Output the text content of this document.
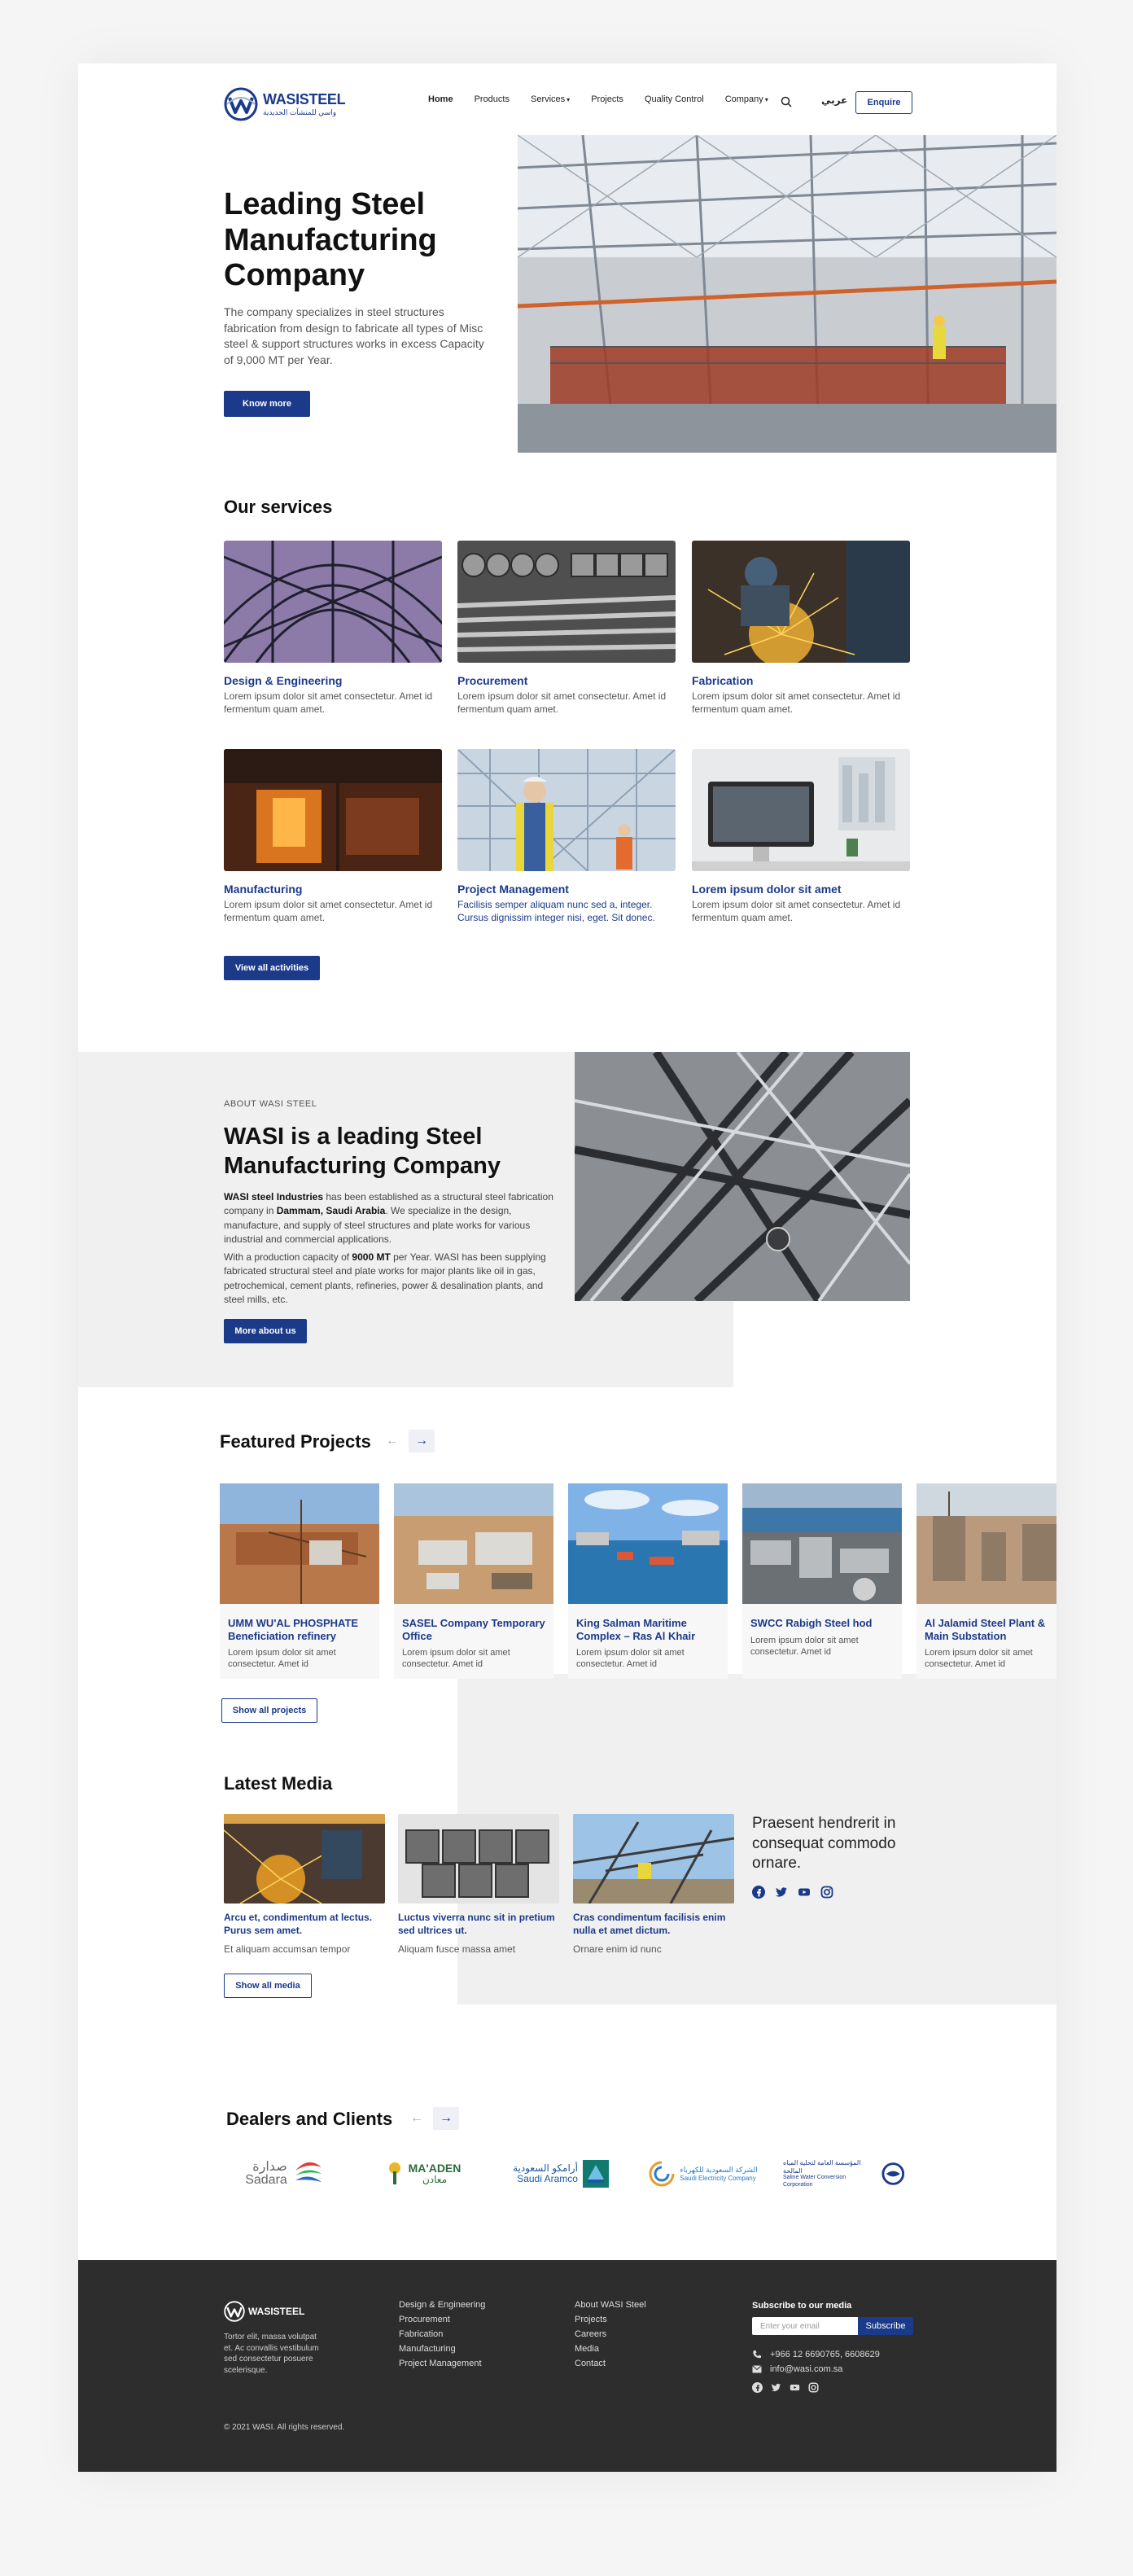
WASISTEEL
واسي للمنشآت الحديدية
Home Products Services ▾ Projects Quality Control Company ▾	عربي	Enquire
Leading Steel Manufacturing Company

The company specializes in steel structures fabrication from design to fabricate all types of Misc steel & support structures works in excess Capacity of 9,000 MT per Year.

Know more
Our services
Design & Engineering
Lorem ipsum dolor sit amet consectetur. Amet id fermentum quam amet.
Procurement
Lorem ipsum dolor sit amet consectetur. Amet id fermentum quam amet.
Fabrication
Lorem ipsum dolor sit amet consectetur. Amet id fermentum quam amet.
Manufacturing
Lorem ipsum dolor sit amet consectetur. Amet id fermentum quam amet.
Project Management
Facilisis semper aliquam nunc sed a, integer. Cursus dignissim integer nisi, eget. Sit donec.
Lorem ipsum dolor sit amet
Lorem ipsum dolor sit amet consectetur. Amet id fermentum quam amet.
View all activities
ABOUT WASI STEEL
WASI is a leading Steel Manufacturing Company

WASI steel Industries has been established as a structural steel fabrication company in Dammam, Saudi Arabia. We specialize in the design, manufacture, and supply of steel structures and plate works for various industrial and commercial applications.

With a production capacity of 9000 MT per Year. WASI has been supplying fabricated structural steel and plate works for major plants like oil in gas, petrochemical, cement plants, refineries, power & desalination plants, and steel mills, etc.

More about us
Featured Projects	←	→
UMM WU'AL PHOSPHATE Beneficiation refinery
Lorem ipsum dolor sit amet consectetur. Amet id
SASEL Company Temporary Office
Lorem ipsum dolor sit amet consectetur. Amet id
King Salman Maritime Complex – Ras Al Khair
Lorem ipsum dolor sit amet consectetur. Amet id
SWCC Rabigh Steel hod
Lorem ipsum dolor sit amet consectetur. Amet id
Al Jalamid Steel Plant & Main Substation
Lorem ipsum dolor sit amet consectetur. Amet id
Show all projects
Latest Media
Arcu et, condimentum at lectus. Purus sem amet.
Et aliquam accumsan tempor
Luctus viverra nunc sit in pretium sed ultrices ut.
Aliquam fusce massa amet
Cras condimentum facilisis enim nulla et amet dictum.
Ornare enim id nunc
Praesent hendrerit in consequat commodo ornare.
Show all media
Dealers and Clients	←	→
صدارة
Sadara
MA'ADEN
معادن
أرامكو السعودية
Saudi Aramco
الشركة السعودية للكهرباء
Saudi Electricity Company
المؤسسة العامة لتحلية المياه المالحة
Saline Water Conversion Corporation
WASISTEEL
Tortor elit, massa volutpat et. Ac convallis vestibulum sed consectetur posuere scelerisque.
Design & Engineering
Procurement
Fabrication
Manufacturing
Project Management
About WASI Steel
Projects
Careers
Media
Contact
Subscribe to our media
Enter your email	Subscribe
+966 12 6690765, 6608629
info@wasi.com.sa
© 2021 WASI. All rights reserved.
